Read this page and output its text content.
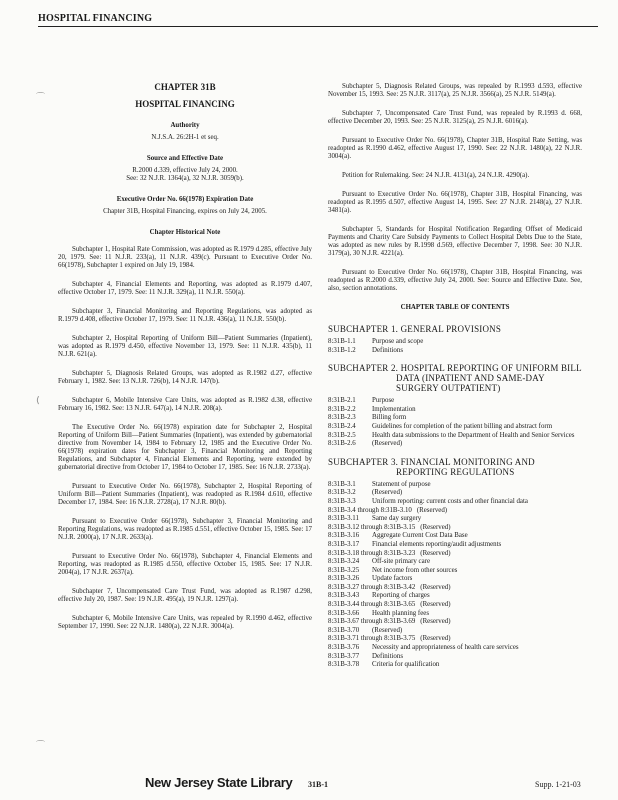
HOSPITAL FINANCING
⌒
⟨
⌒
CHAPTER 31B
HOSPITAL FINANCING
Authority
N.J.S.A. 26:2H-1 et seq.
Source and Effective Date
R.2000 d.339, effective July 24, 2000.
See: 32 N.J.R. 1364(a), 32 N.J.R. 3059(b).
Executive Order No. 66(1978) Expiration Date
Chapter 31B, Hospital Financing, expires on July 24, 2005.
Chapter Historical Note

Subchapter 1, Hospital Rate Commission, was adopted as R.1979 d.285, effective July 20, 1979. See: 11 N.J.R. 233(a), 11 N.J.R. 439(c). Pursuant to Executive Order No. 66(1978), Subchapter 1 expired on July 19, 1984.

Subchapter 4, Financial Elements and Reporting, was adopted as R.1979 d.407, effective October 17, 1979. See: 11 N.J.R. 329(a), 11 N.J.R. 550(a).

Subchapter 3, Financial Monitoring and Reporting Regulations, was adopted as R.1979 d.408, effective October 17, 1979. See: 11 N.J.R. 436(a), 11 N.J.R. 550(b).

Subchapter 2, Hospital Reporting of Uniform Bill—Patient Summaries (Inpatient), was adopted as R.1979 d.450, effective November 13, 1979. See: 11 N.J.R. 435(b), 11 N.J.R. 621(a).

Subchapter 5, Diagnosis Related Groups, was adopted as R.1982 d.27, effective February 1, 1982. See: 13 N.J.R. 726(b), 14 N.J.R. 147(b).

Subchapter 6, Mobile Intensive Care Units, was adopted as R.1982 d.38, effective February 16, 1982. See: 13 N.J.R. 647(a), 14 N.J.R. 208(a).

The Executive Order No. 66(1978) expiration date for Subchapter 2, Hospital Reporting of Uniform Bill—Patient Summaries (Inpatient), was extended by gubernatorial directive from November 14, 1984 to February 12, 1985 and the Executive Order No. 66(1978) expiration dates for Subchapter 3, Financial Monitoring and Reporting Regulations, and Subchapter 4, Financial Elements and Reporting, were extended by gubernatorial directive from October 17, 1984 to October 17, 1985. See: 16 N.J.R. 2733(a).

Pursuant to Executive Order No. 66(1978), Subchapter 2, Hospital Reporting of Uniform Bill—Patient Summaries (Inpatient), was readopted as R.1984 d.610, effective December 17, 1984. See: 16 N.J.R. 2728(a), 17 N.J.R. 80(b).

Pursuant to Executive Order 66(1978), Subchapter 3, Financial Monitoring and Reporting Regulations, was readopted as R.1985 d.551, effective October 15, 1985. See: 17 N.J.R. 2000(a), 17 N.J.R. 2633(a).

Pursuant to Executive Order No. 66(1978), Subchapter 4, Financial Elements and Reporting, was readopted as R.1985 d.550, effective October 15, 1985. See: 17 N.J.R. 2004(a), 17 N.J.R. 2637(a).

Subchapter 7, Uncompensated Care Trust Fund, was adopted as R.1987 d.298, effective July 20, 1987. See: 19 N.J.R. 495(a), 19 N.J.R. 1297(a).

Subchapter 6, Mobile Intensive Care Units, was repealed by R.1990 d.462, effective September 17, 1990. See: 22 N.J.R. 1480(a), 22 N.J.R. 3004(a).

Subchapter 5, Diagnosis Related Groups, was repealed by R.1993 d.593, effective November 15, 1993. See: 25 N.J.R. 3117(a), 25 N.J.R. 3566(a), 25 N.J.R. 5149(a).

Subchapter 7, Uncompensated Care Trust Fund, was repealed by R.1993 d. 668, effective December 20, 1993. See: 25 N.J.R. 3125(a), 25 N.J.R. 6016(a).

Pursuant to Executive Order No. 66(1978), Chapter 31B, Hospital Rate Setting, was readopted as R.1990 d.462, effective August 17, 1990. See: 22 N.J.R. 1480(a), 22 N.J.R. 3004(a).

Petition for Rulemaking. See: 24 N.J.R. 4131(a), 24 N.J.R. 4290(a).

Pursuant to Executive Order No. 66(1978), Chapter 31B, Hospital Financing, was readopted as R.1995 d.507, effective August 14, 1995. See: 27 N.J.R. 2148(a), 27 N.J.R. 3481(a).

Subchapter 5, Standards for Hospital Notification Regarding Offset of Medicaid Payments and Charity Care Subsidy Payments to Collect Hospital Debts Due to the State, was adopted as new rules by R.1998 d.569, effective December 7, 1998. See: 30 N.J.R. 3179(a), 30 N.J.R. 4221(a).

Pursuant to Executive Order No. 66(1978), Chapter 31B, Hospital Financing, was readopted as R.2000 d.339, effective July 24, 2000. See: Source and Effective Date. See, also, section annotations.

CHAPTER TABLE OF CONTENTS
SUBCHAPTER 1. GENERAL PROVISIONS
8:31B-1.1	Purpose and scope
8:31B-1.2	Definitions
SUBCHAPTER 2. HOSPITAL REPORTING OF UNIFORM BILL DATA (INPATIENT AND SAME-DAY SURGERY OUTPATIENT)
8:31B-2.1	Purpose
8:31B-2.2	Implementation
8:31B-2.3	Billing form
8:31B-2.4	Guidelines for completion of the patient billing and abstract form
8:31B-2.5	Health data submissions to the Department of Health and Senior Services
8:31B-2.6	(Reserved)
SUBCHAPTER 3. FINANCIAL MONITORING AND REPORTING REGULATIONS
8:31B-3.1	Statement of purpose
8:31B-3.2	(Reserved)
8:31B-3.3	Uniform reporting: current costs and other financial data
8:31B-3.4 through 8:31B-3.10 (Reserved)
8:31B-3.11	Same day surgery
8:31B-3.12 through 8:31B-3.15 (Reserved)
8:31B-3.16	Aggregate Current Cost Data Base
8:31B-3.17	Financial elements reporting/audit adjustments
8:31B-3.18 through 8:31B-3.23 (Reserved)
8:31B-3.24	Off-site primary care
8:31B-3.25	Net income from other sources
8:31B-3.26	Update factors
8:31B-3.27 through 8:31B-3.42 (Reserved)
8:31B-3.43	Reporting of charges
8:31B-3.44 through 8:31B-3.65 (Reserved)
8:31B-3.66	Health planning fees
8:31B-3.67 through 8:31B-3.69 (Reserved)
8:31B-3.70	(Reserved)
8:31B-3.71 through 8:31B-3.75 (Reserved)
8:31B-3.76	Necessity and appropriateness of health care services
8:31B-3.77	Definitions
8:31B-3.78	Criteria for qualification
New Jersey State Library 31B-1	Supp. 1-21-03
